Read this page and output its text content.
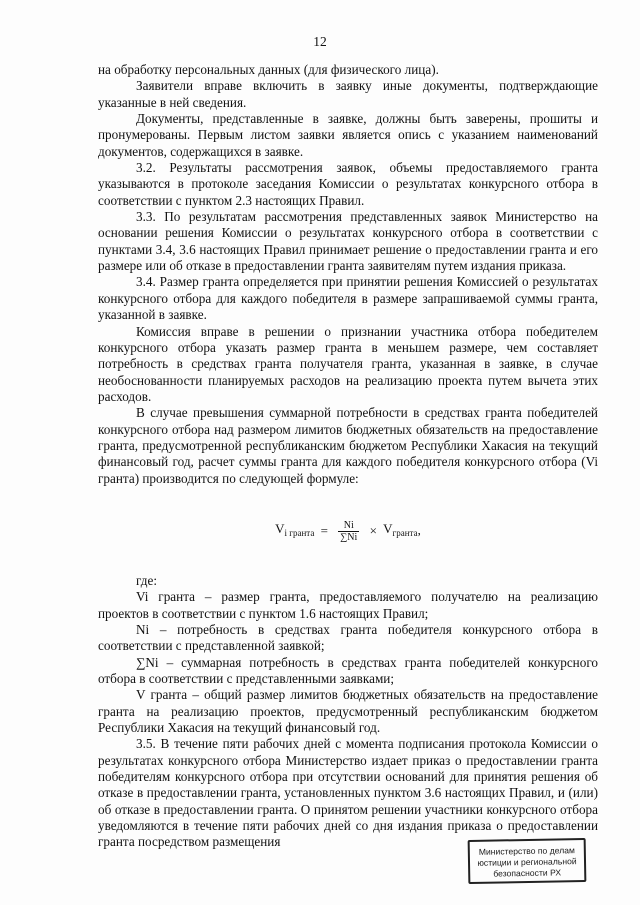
12

на обработку персональных данных (для физического лица).

Заявители вправе включить в заявку иные документы, подтверждающие указанные в ней сведения.

Документы, представленные в заявке, должны быть заверены, прошиты и пронумерованы. Первым листом заявки является опись с указанием наименований документов, содержащихся в заявке.

3.2. Результаты рассмотрения заявок, объемы предоставляемого гранта указываются в протоколе заседания Комиссии о результатах конкурсного отбора в соответствии с пунктом 2.3 настоящих Правил.

3.3. По результатам рассмотрения представленных заявок Министерство на основании решения Комиссии о результатах конкурсного отбора в соответствии с пунктами 3.4, 3.6 настоящих Правил принимает решение о предоставлении гранта и его размере или об отказе в предоставлении гранта заявителям путем издания приказа.

3.4. Размер гранта определяется при принятии решения Комиссией о результатах конкурсного отбора для каждого победителя в размере запрашиваемой суммы гранта, указанной в заявке.

Комиссия вправе в решении о признании участника отбора победителем конкурсного отбора указать размер гранта в меньшем размере, чем составляет потребность в средствах гранта получателя гранта, указанная в заявке, в случае необоснованности планируемых расходов на реализацию проекта путем вычета этих расходов.

В случае превышения суммарной потребности в средствах гранта победителей конкурсного отбора над размером лимитов бюджетных обязательств на предоставление гранта, предусмотренной республиканским бюджетом Республики Хакасия на текущий финансовый год, расчет суммы гранта для каждого победителя конкурсного отбора (Vi гранта) производится по следующей формуле:

$V_{i гранта} = \frac{Ni}{\sum Ni} \times V_{гранта}$,

где:

Vi гранта – размер гранта, предоставляемого получателю на реализацию проектов в соответствии с пунктом 1.6 настоящих Правил;

Ni – потребность в средствах гранта победителя конкурсного отбора в соответствии с представленной заявкой;

∑Ni – суммарная потребность в средствах гранта победителей конкурсного отбора в соответствии с представленными заявками;

V гранта – общий размер лимитов бюджетных обязательств на предоставление гранта на реализацию проектов, предусмотренный республиканским бюджетом Республики Хакасия на текущий финансовый год.

3.5. В течение пяти рабочих дней с момента подписания протокола Комиссии о результатах конкурсного отбора Министерство издает приказ о предоставлении гранта победителям конкурсного отбора при отсутствии оснований для принятия решения об отказе в предоставлении гранта, установленных пунктом 3.6 настоящих Правил, и (или) об отказе в предоставлении гранта. О принятом решении участники конкурсного отбора уведомляются в течение пяти рабочих дней со дня издания приказа о предоставлении гранта посредством размещения

Министерство по делам
юстиции и региональной
безопасности РХ
